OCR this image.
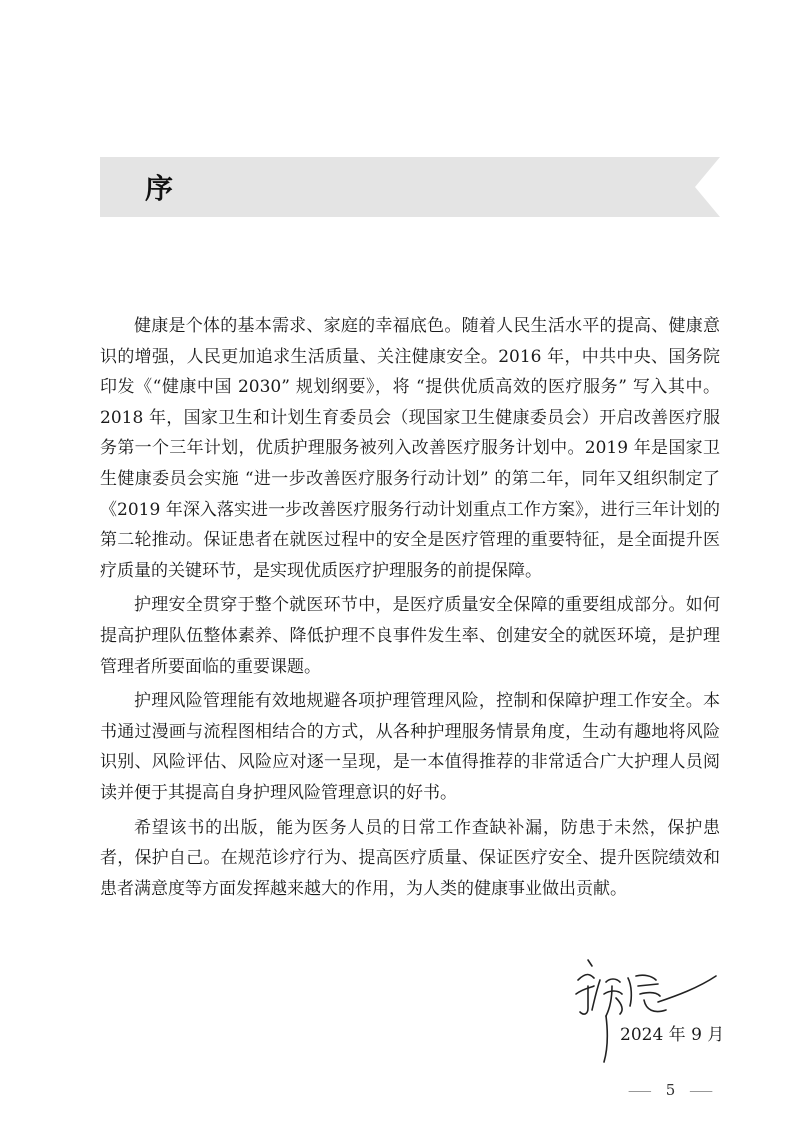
序

健康是个体的基本需求、家庭的幸福底色。随着人民生活水平的提高、健康意识的增强，人民更加追求生活质量、关注健康安全。2016 年，中共中央、国务院印发《“健康中国 2030” 规划纲要》，将 “提供优质高效的医疗服务” 写入其中。2018 年，国家卫生和计划生育委员会（现国家卫生健康委员会）开启改善医疗服务第一个三年计划，优质护理服务被列入改善医疗服务计划中。2019 年是国家卫生健康委员会实施 “进一步改善医疗服务行动计划” 的第二年，同年又组织制定了《2019 年深入落实进一步改善医疗服务行动计划重点工作方案》，进行三年计划的第二轮推动。保证患者在就医过程中的安全是医疗管理的重要特征，是全面提升医疗质量的关键环节，是实现优质医疗护理服务的前提保障。

护理安全贯穿于整个就医环节中，是医疗质量安全保障的重要组成部分。如何提高护理队伍整体素养、降低护理不良事件发生率、创建安全的就医环境，是护理管理者所要面临的重要课题。

护理风险管理能有效地规避各项护理管理风险，控制和保障护理工作安全。本书通过漫画与流程图相结合的方式，从各种护理服务情景角度，生动有趣地将风险识别、风险评估、风险应对逐一呈现，是一本值得推荐的非常适合广大护理人员阅读并便于其提高自身护理风险管理意识的好书。

希望该书的出版，能为医务人员的日常工作查缺补漏，防患于未然，保护患者，保护自己。在规范诊疗行为、提高医疗质量、保证医疗安全、提升医院绩效和患者满意度等方面发挥越来越大的作用，为人类的健康事业做出贡献。

2024 年 9 月
⸺ 5 ⸺
